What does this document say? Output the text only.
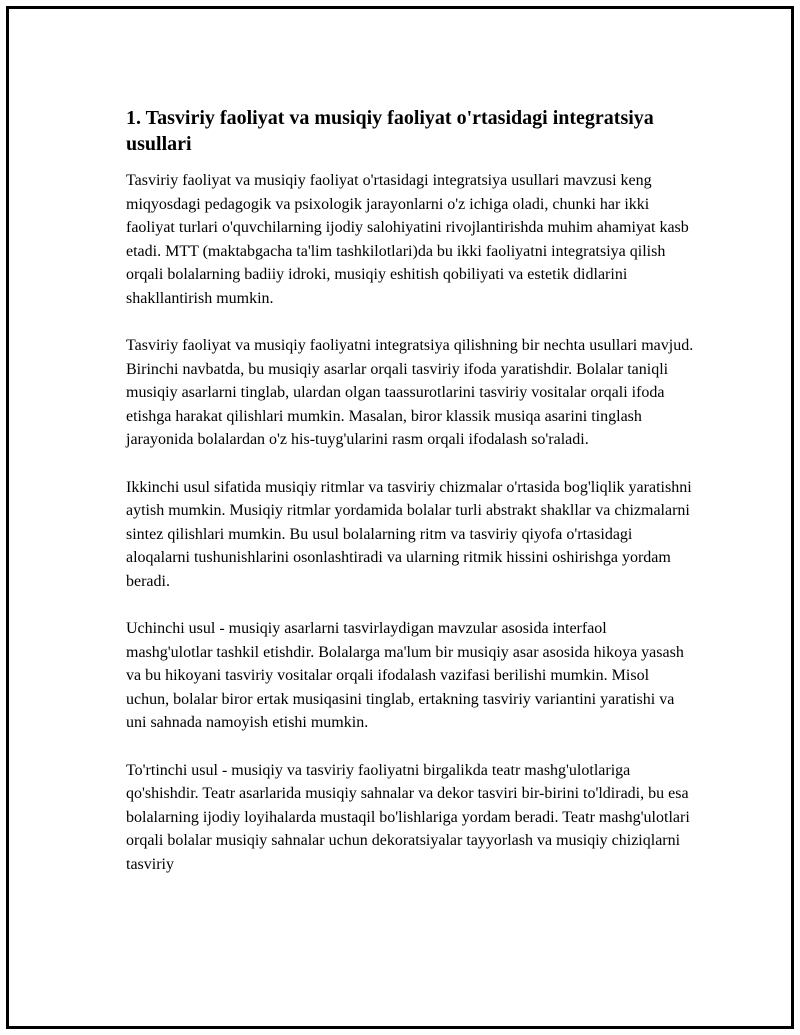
1. Tasviriy faoliyat va musiqiy faoliyat o'rtasidagi integratsiya usullari

Tasviriy faoliyat va musiqiy faoliyat o'rtasidagi integratsiya usullari mavzusi keng miqyosdagi pedagogik va psixologik jarayonlarni o'z ichiga oladi, chunki har ikki faoliyat turlari o'quvchilarning ijodiy salohiyatini rivojlantirishda muhim ahamiyat kasb etadi. MTT (maktabgacha ta'lim tashkilotlari)da bu ikki faoliyatni integratsiya qilish orqali bolalarning badiiy idroki, musiqiy eshitish qobiliyati va estetik didlarini shakllantirish mumkin.

Tasviriy faoliyat va musiqiy faoliyatni integratsiya qilishning bir nechta usullari mavjud. Birinchi navbatda, bu musiqiy asarlar orqali tasviriy ifoda yaratishdir. Bolalar taniqli musiqiy asarlarni tinglab, ulardan olgan taassurotlarini tasviriy vositalar orqali ifoda etishga harakat qilishlari mumkin. Masalan, biror klassik musiqa asarini tinglash jarayonida bolalardan o'z his-tuyg'ularini rasm orqali ifodalash so'raladi.

Ikkinchi usul sifatida musiqiy ritmlar va tasviriy chizmalar o'rtasida bog'liqlik yaratishni aytish mumkin. Musiqiy ritmlar yordamida bolalar turli abstrakt shakllar va chizmalarni sintez qilishlari mumkin. Bu usul bolalarning ritm va tasviriy qiyofa o'rtasidagi aloqalarni tushunishlarini osonlashtiradi va ularning ritmik hissini oshirishga yordam beradi.

Uchinchi usul - musiqiy asarlarni tasvirlaydigan mavzular asosida interfaol mashg'ulotlar tashkil etishdir. Bolalarga ma'lum bir musiqiy asar asosida hikoya yasash va bu hikoyani tasviriy vositalar orqali ifodalash vazifasi berilishi mumkin. Misol uchun, bolalar biror ertak musiqasini tinglab, ertakning tasviriy variantini yaratishi va uni sahnada namoyish etishi mumkin.

To'rtinchi usul - musiqiy va tasviriy faoliyatni birgalikda teatr mashg'ulotlariga qo'shishdir. Teatr asarlarida musiqiy sahnalar va dekor tasviri bir-birini to'ldiradi, bu esa bolalarning ijodiy loyihalarda mustaqil bo'lishlariga yordam beradi. Teatr mashg'ulotlari orqali bolalar musiqiy sahnalar uchun dekoratsiyalar tayyorlash va musiqiy chiziqlarni tasviriy
